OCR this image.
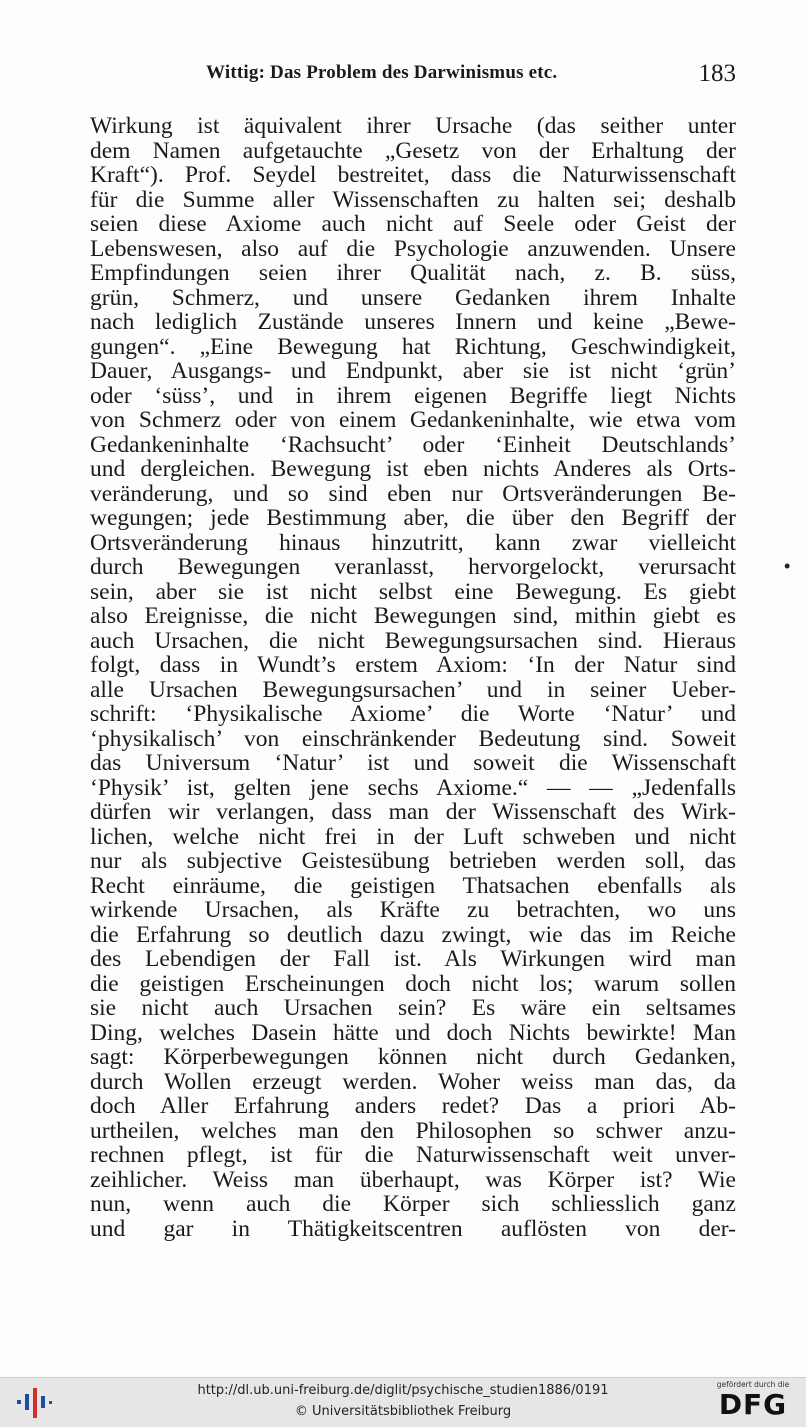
Wittig: Das Problem des Darwinismus etc.	183
Wirkung ist äquivalent ihrer Ursache (das seither unter
dem Namen aufgetauchte „Gesetz von der Erhaltung der
Kraft“). Prof. Seydel bestreitet, dass die Naturwissenschaft
für die Summe aller Wissenschaften zu halten sei; deshalb
seien diese Axiome auch nicht auf Seele oder Geist der
Lebenswesen, also auf die Psychologie anzuwenden. Unsere
Empfindungen seien ihrer Qualität nach, z. B. süss,
grün, Schmerz, und unsere Gedanken ihrem Inhalte
nach lediglich Zustände unseres Innern und keine „Bewe-
gungen“. „Eine Bewegung hat Richtung, Geschwindigkeit,
Dauer, Ausgangs- und Endpunkt, aber sie ist nicht ‘grün’
oder ‘süss’, und in ihrem eigenen Begriffe liegt Nichts
von Schmerz oder von einem Gedankeninhalte, wie etwa vom
Gedankeninhalte ‘Rachsucht’ oder ‘Einheit Deutschlands’
und dergleichen. Bewegung ist eben nichts Anderes als Orts-
veränderung, und so sind eben nur Ortsveränderungen Be-
wegungen; jede Bestimmung aber, die über den Begriff der
Ortsveränderung hinaus hinzutritt, kann zwar vielleicht
durch Bewegungen veranlasst, hervorgelockt, verursacht
sein, aber sie ist nicht selbst eine Bewegung. Es giebt
also Ereignisse, die nicht Bewegungen sind, mithin giebt es
auch Ursachen, die nicht Bewegungsursachen sind. Hieraus
folgt, dass in Wundt’s erstem Axiom: ‘In der Natur sind
alle Ursachen Bewegungsursachen’ und in seiner Ueber-
schrift: ‘Physikalische Axiome’ die Worte ‘Natur’ und
‘physikalisch’ von einschränkender Bedeutung sind. Soweit
das Universum ‘Natur’ ist und soweit die Wissenschaft
‘Physik’ ist, gelten jene sechs Axiome.“ — — „Jedenfalls
dürfen wir verlangen, dass man der Wissenschaft des Wirk-
lichen, welche nicht frei in der Luft schweben und nicht
nur als subjective Geistesübung betrieben werden soll, das
Recht einräume, die geistigen Thatsachen ebenfalls als
wirkende Ursachen, als Kräfte zu betrachten, wo uns
die Erfahrung so deutlich dazu zwingt, wie das im Reiche
des Lebendigen der Fall ist. Als Wirkungen wird man
die geistigen Erscheinungen doch nicht los; warum sollen
sie nicht auch Ursachen sein? Es wäre ein seltsames
Ding, welches Dasein hätte und doch Nichts bewirkte! Man
sagt: Körperbewegungen können nicht durch Gedanken,
durch Wollen erzeugt werden. Woher weiss man das, da
doch Aller Erfahrung anders redet? Das a priori Ab-
urtheilen, welches man den Philosophen so schwer anzu-
rechnen pflegt, ist für die Naturwissenschaft weit unver-
zeihlicher. Weiss man überhaupt, was Körper ist? Wie
nun, wenn auch die Körper sich schliesslich ganz
und gar in Thätigkeitscentren auflösten von der-
•
http://dl.ub.uni-freiburg.de/diglit/psychische_studien1886/0191
© Universitätsbibliothek Freiburg
gefördert durch die
DFG
